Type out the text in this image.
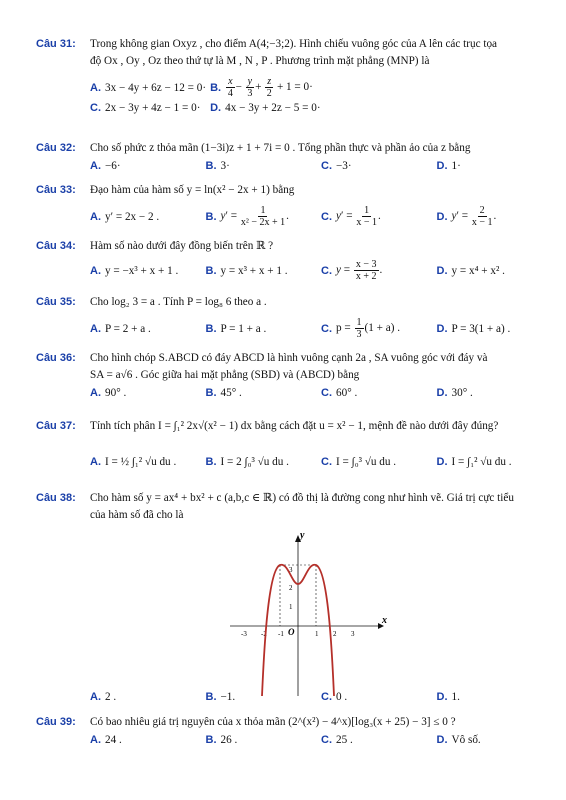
Câu 31:	Trong không gian Oxyz , cho điểm A(4;−3;2). Hình chiếu vuông góc của A lên các trục tọa
độ Ox , Oy , Oz theo thứ tự là M , N , P . Phương trình mặt phẳng (MNP) là
A. 3x − 4y + 6z − 12 = 0· B. $\frac{x}{4} - \frac{y}{3} + \frac{z}{2} + 1 = 0\cdot$
C. 2x − 3y + 4z − 1 = 0· D. 4x − 3y + 2z − 5 = 0·
Câu 32:	Cho số phức z thỏa mãn (1−3i)z + 1 + 7i = 0 . Tổng phần thực và phần ảo của z bằng
A. −6·	B. 3·	C. −3·	D. 1·
Câu 33:	Đạo hàm của hàm số y = ln(x² − 2x + 1) bằng
A. y′ = 2x − 2 .	B. $y' = \frac{1}{\text{x² − 2x + 1}}$ .	C. $y' = \frac{1}{x - 1}$ .	D. $y' = \frac{2}{x - 1}$ .
Câu 34:	Hàm số nào dưới đây đồng biến trên ℝ ?
A. y = −x³ + x + 1 . B. y = x³ + x + 1 .	C. $y = \frac{x - 3}{x + 2}$ .	D. y = x⁴ + x² .
Câu 35:	Cho log₂ 3 = a . Tính P = log₈ 6 theo a .
A. P = 2 + a .	B. P = 1 + a .	C. $p = \frac{1}{3} (1 + a)$ .	D. P = 3(1 + a) .
Câu 36:	Cho hình chóp S.ABCD có đáy ABCD là hình vuông cạnh 2a , SA vuông góc với đáy và
SA = a√6 . Góc giữa hai mặt phẳng (SBD) và (ABCD) bằng
A. 90° .	B. 45° .	C. 60° .	D. 30° .
Câu 37:	Tính tích phân I = ∫₁² 2x√(x² − 1) dx bằng cách đặt u = x² − 1, mệnh đề nào dưới đây đúng?
A. I = ½ ∫₁² √u du .	B. I = 2 ∫₀³ √u du .	C. I = ∫₀³ √u du .	D. I = ∫₁² √u du .
Câu 38:	Cho hàm số y = ax⁴ + bx² + c (a,b,c ∈ ℝ) có đồ thị là đường cong như hình vẽ. Giá trị cực tiểu
của hàm số đã cho là
x
y
O
-3 -2 -1	1 2 3
3
2
1
A. 2 .	B. −1.	C. 0 .	D. 1.
Câu 39:	Có bao nhiêu giá trị nguyên của x thỏa mãn (2^(x²) − 4^x)[log₃(x + 25) − 3] ≤ 0 ?
A. 24 .	B. 26 .	C. 25 .	D. Vô số.
